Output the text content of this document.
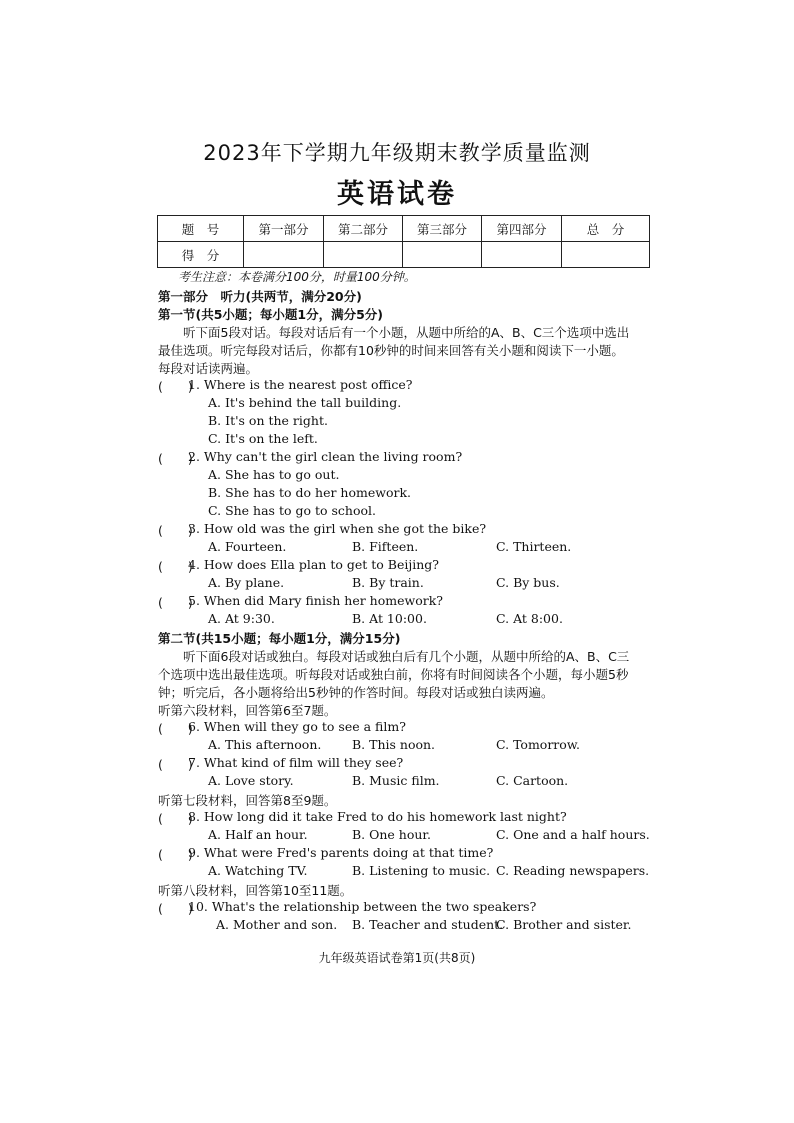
2023年下学期九年级期末教学质量监测
英语试卷
题　号	第一部分	第二部分	第三部分	第四部分	总　分
得　分					
考生注意：本卷满分100分，时量100分钟。
第一部分　听力(共两节，满分20分)
第一节(共5小题；每小题1分，满分5分)
　　听下面5段对话。每段对话后有一个小题，从题中所给的A、B、C三个选项中选出
最佳选项。听完每段对话后，你都有10秒钟的时间来回答有关小题和阅读下一小题。
每段对话读两遍。
(　　)
1. Where is the nearest post office?
A. It's behind the tall building.
B. It's on the right.
C. It's on the left.
(　　)
2. Why can't the girl clean the living room?
A. She has to go out.
B. She has to do her homework.
C. She has to go to school.
(　　)
3. How old was the girl when she got the bike?
A. Fourteen.	B. Fifteen.	C. Thirteen.
(　　)
4. How does Ella plan to get to Beijing?
A. By plane.	B. By train.	C. By bus.
(　　)
5. When did Mary finish her homework?
A. At 9:30.	B. At 10:00.	C. At 8:00.
第二节(共15小题；每小题1分，满分15分)
　　听下面6段对话或独白。每段对话或独白后有几个小题，从题中所给的A、B、C三
个选项中选出最佳选项。听每段对话或独白前，你将有时间阅读各个小题，每小题5秒
钟；听完后，各小题将给出5秒钟的作答时间。每段对话或独白读两遍。
听第六段材料，回答第6至7题。
(　　)
6. When will they go to see a film?
A. This afternoon. B. This noon.	C. Tomorrow.
(　　)
7. What kind of film will they see?
A. Love story.	B. Music film.	C. Cartoon.
听第七段材料，回答第8至9题。
(　　)
8. How long did it take Fred to do his homework last night?
A. Half an hour.	B. One hour.	C. One and a half hours.
(　　)
9. What were Fred's parents doing at that time?
A. Watching TV.	B. Listening to music. C. Reading newspapers.
听第八段材料，回答第10至11题。
(　　)
10. What's the relationship between the two speakers?
A. Mother and son. B. Teacher and student.
C. Brother and sister.
九年级英语试卷第1页(共8页)
